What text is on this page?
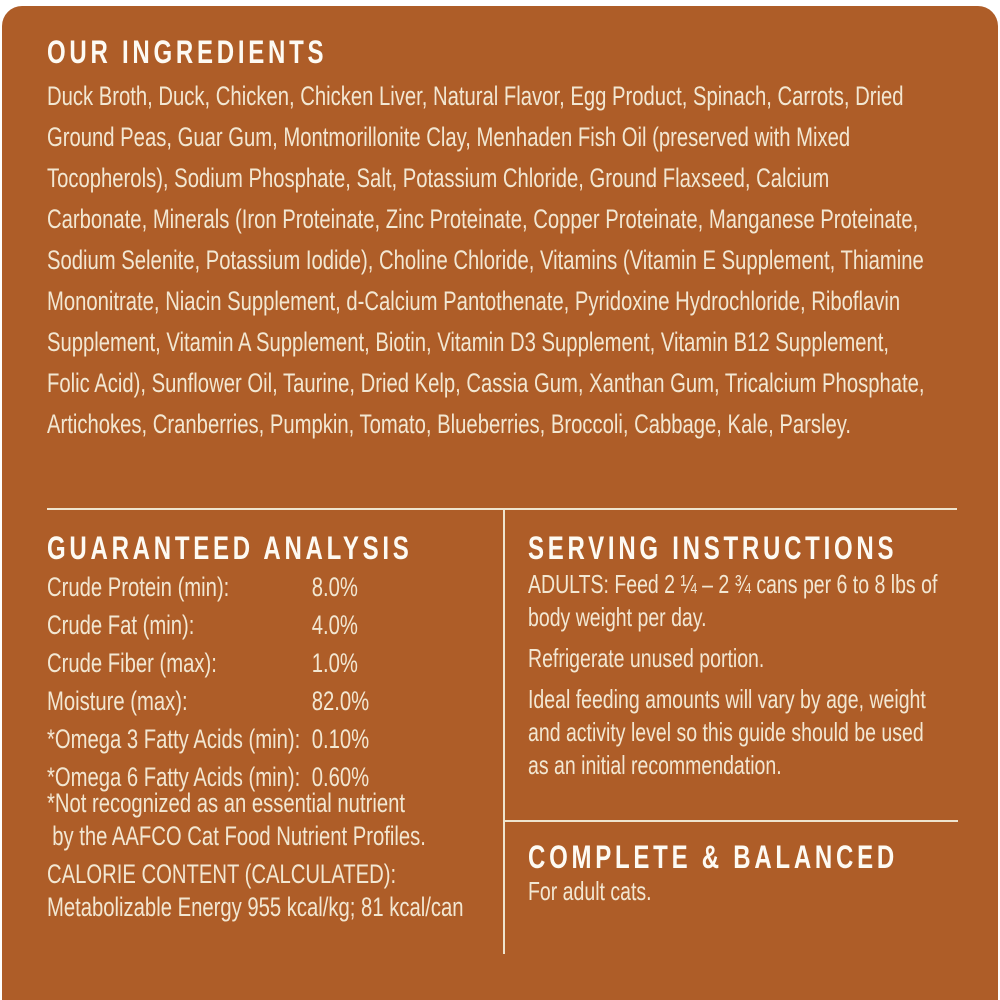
OUR INGREDIENTS
Duck Broth, Duck, Chicken, Chicken Liver, Natural Flavor, Egg Product, Spinach, Carrots, Dried Ground Peas, Guar Gum, Montmorillonite Clay, Menhaden Fish Oil (preserved with Mixed Tocopherols), Sodium Phosphate, Salt, Potassium Chloride, Ground Flaxseed, Calcium Carbonate, Minerals (Iron Proteinate, Zinc Proteinate, Copper Proteinate, Manganese Proteinate, Sodium Selenite, Potassium Iodide), Choline Chloride, Vitamins (Vitamin E Supplement, Thiamine Mononitrate, Niacin Supplement, d-Calcium Pantothenate, Pyridoxine Hydrochloride, Riboflavin Supplement, Vitamin A Supplement, Biotin, Vitamin D3 Supplement, Vitamin B12 Supplement, Folic Acid), Sunflower Oil, Taurine, Dried Kelp, Cassia Gum, Xanthan Gum, Tricalcium Phosphate, Artichokes, Cranberries, Pumpkin, Tomato, Blueberries, Broccoli, Cabbage, Kale, Parsley.
GUARANTEED ANALYSIS
Crude Protein (min):	8.0%
Crude Fat (min):	4.0%
Crude Fiber (max):	1.0%
Moisture (max):	82.0%
*Omega 3 Fatty Acids (min): 0.10%
*Omega 6 Fatty Acids (min): 0.60%
*Not recognized as an essential nutrient
by the AAFCO Cat Food Nutrient Profiles.
CALORIE CONTENT (CALCULATED):
Metabolizable Energy 955 kcal/kg; 81 kcal/can
SERVING INSTRUCTIONS

ADULTS: Feed 2 ¼ – 2 ¾ cans per 6 to 8 lbs of body weight per day.

Refrigerate unused portion.

Ideal feeding amounts will vary by age, weight and activity level so this guide should be used as an initial recommendation.

COMPLETE & BALANCED
For adult cats.
